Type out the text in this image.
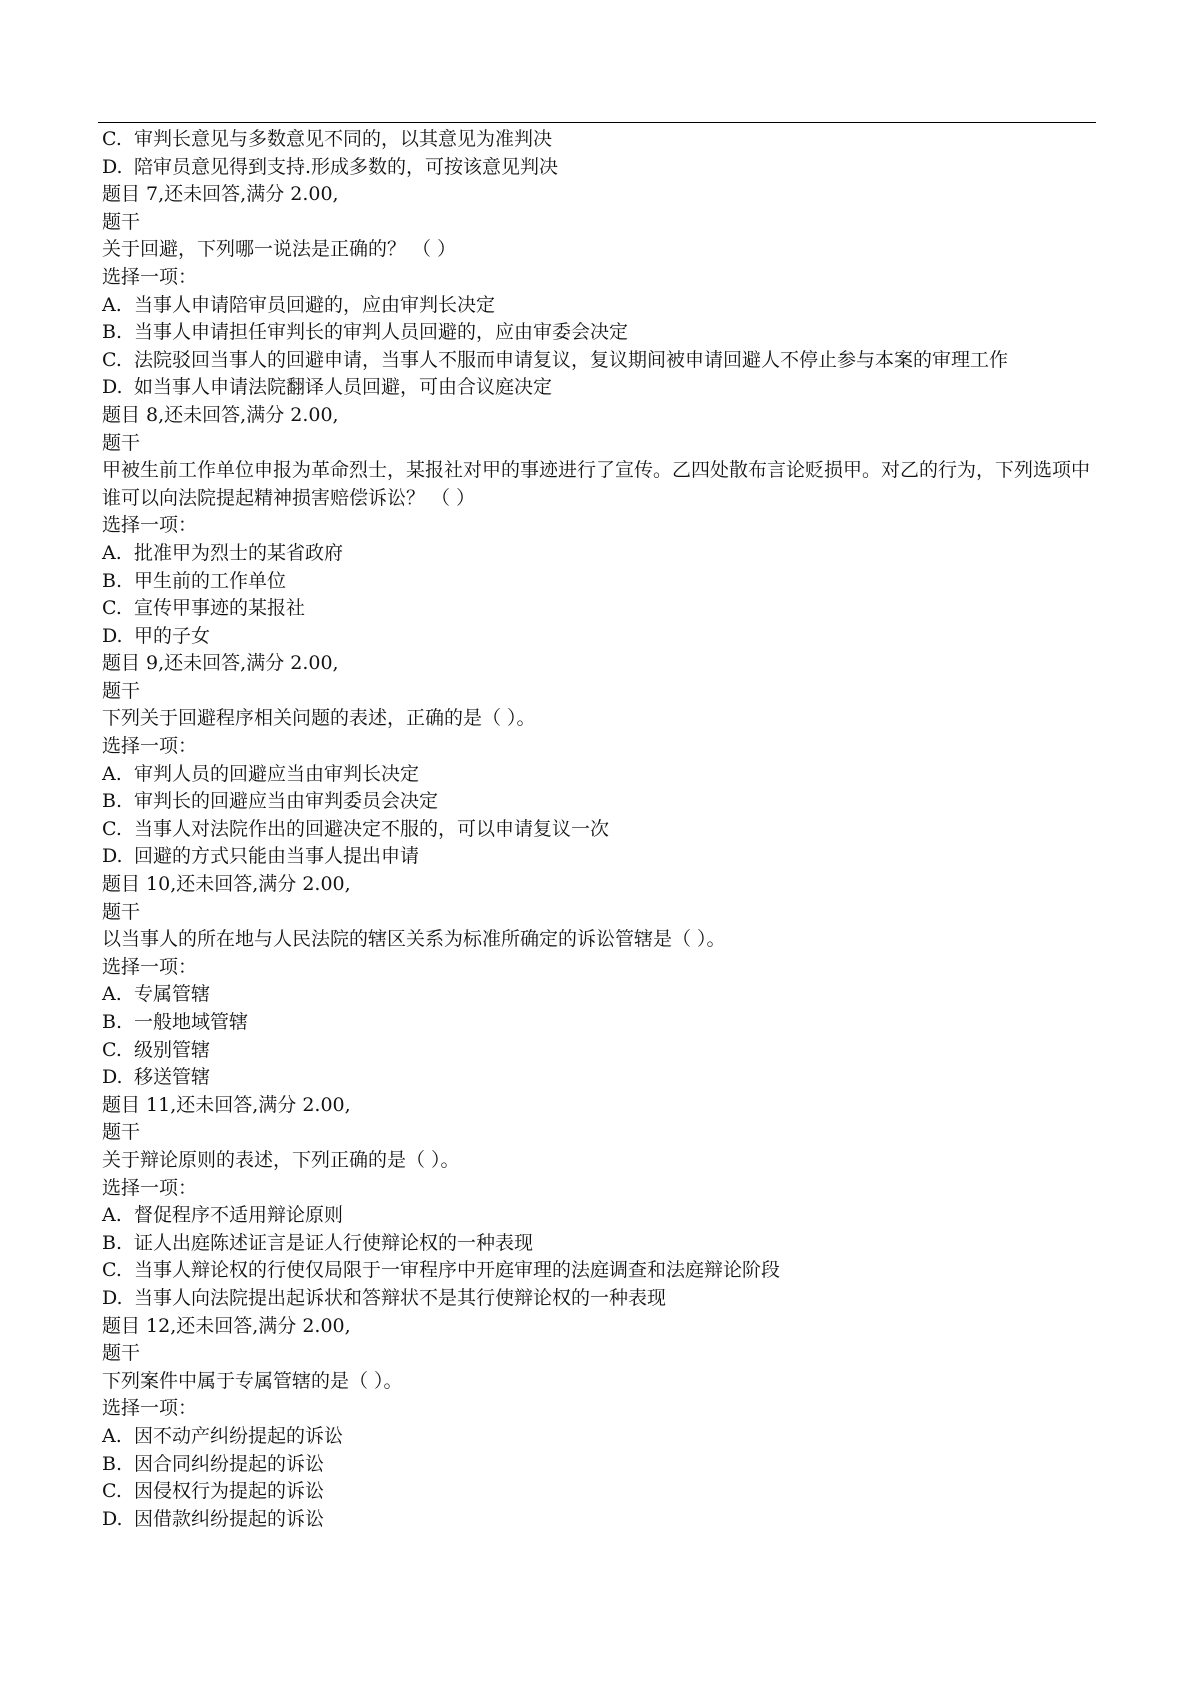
C. 审判长意见与多数意见不同的，以其意见为准判决
D. 陪审员意见得到支持.形成多数的，可按该意见判决
题目 7,还未回答,满分 2.00,
题干
关于回避，下列哪一说法是正确的？ （ ）
选择一项：
A. 当事人申请陪审员回避的，应由审判长决定
B. 当事人申请担任审判长的审判人员回避的，应由审委会决定
C. 法院驳回当事人的回避申请，当事人不服而申请复议，复议期间被申请回避人不停止参与本案的审理工作
D. 如当事人申请法院翻译人员回避，可由合议庭决定
题目 8,还未回答,满分 2.00,
题干
甲被生前工作单位申报为革命烈士，某报社对甲的事迹进行了宣传。乙四处散布言论贬损甲。对乙的行为，下列选项中谁可以向法院提起精神损害赔偿诉讼？ （ ）
选择一项：
A. 批准甲为烈士的某省政府
B. 甲生前的工作单位
C. 宣传甲事迹的某报社
D. 甲的子女
题目 9,还未回答,满分 2.00,
题干
下列关于回避程序相关问题的表述，正确的是（ ）。
选择一项：
A. 审判人员的回避应当由审判长决定
B. 审判长的回避应当由审判委员会决定
C. 当事人对法院作出的回避决定不服的，可以申请复议一次
D. 回避的方式只能由当事人提出申请
题目 10,还未回答,满分 2.00,
题干
以当事人的所在地与人民法院的辖区关系为标准所确定的诉讼管辖是（ ）。
选择一项：
A. 专属管辖
B. 一般地域管辖
C. 级别管辖
D. 移送管辖
题目 11,还未回答,满分 2.00,
题干
关于辩论原则的表述，下列正确的是（ ）。
选择一项：
A. 督促程序不适用辩论原则
B. 证人出庭陈述证言是证人行使辩论权的一种表现
C. 当事人辩论权的行使仅局限于一审程序中开庭审理的法庭调查和法庭辩论阶段
D. 当事人向法院提出起诉状和答辩状不是其行使辩论权的一种表现
题目 12,还未回答,满分 2.00,
题干
下列案件中属于专属管辖的是（ ）。
选择一项：
A. 因不动产纠纷提起的诉讼
B. 因合同纠纷提起的诉讼
C. 因侵权行为提起的诉讼
D. 因借款纠纷提起的诉讼
